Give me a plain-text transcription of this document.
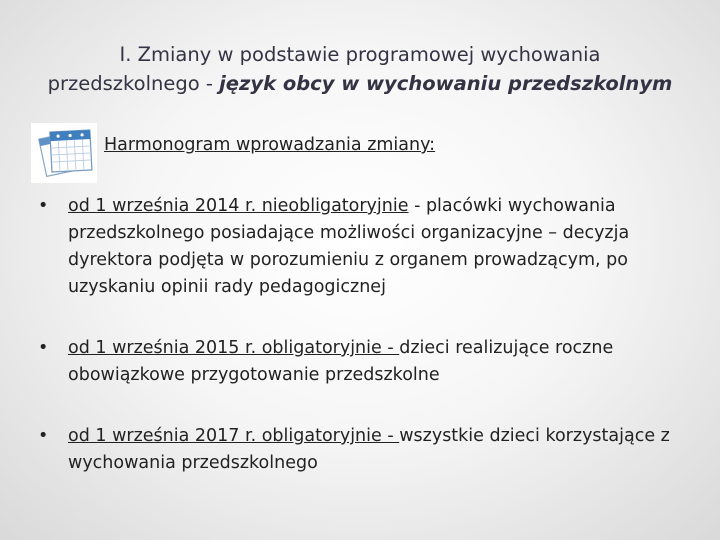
I. Zmiany w podstawie programowej wychowania
przedszkolnego - język obcy w wychowaniu przedszkolnym
Harmonogram wprowadzania zmiany:
• od 1 września 2014 r. nieobligatoryjnie - placówki wychowania przedszkolnego posiadające możliwości organizacyjne – decyzja dyrektora podjęta w porozumieniu z organem prowadzącym, po uzyskaniu opinii rady pedagogicznej
• od 1 września 2015 r. obligatoryjnie - dzieci realizujące roczne obowiązkowe przygotowanie przedszkolne
• od 1 września 2017 r. obligatoryjnie - wszystkie dzieci korzystające z wychowania przedszkolnego
